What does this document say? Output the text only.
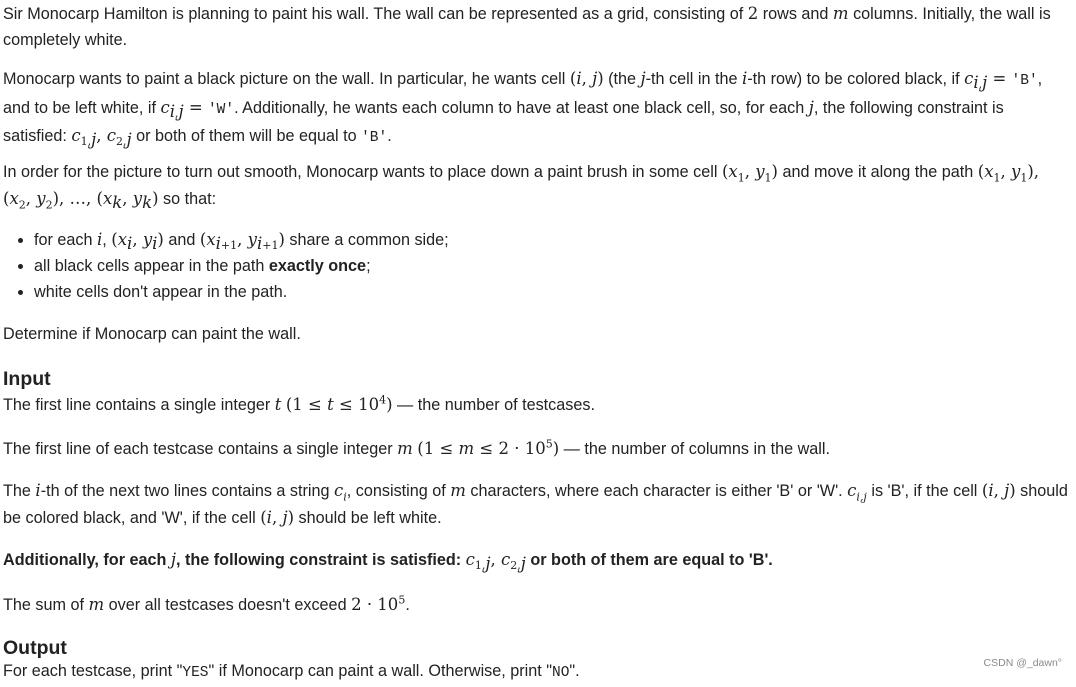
Sir Monocarp Hamilton is planning to paint his wall. The wall can be represented as a grid, consisting of 2 rows and m columns. Initially, the wall is completely white.

Monocarp wants to paint a black picture on the wall. In particular, he wants cell (i, j) (the j-th cell in the i-th row) to be colored black, if $c_{i,j}$ = 'B', and to be left white, if $c_{i,j}$ = 'W'. Additionally, he wants each column to have at least one black cell, so, for each j, the following constraint is satisfied: $c_{1,j}$, $c_{2,j}$ or both of them will be equal to 'B'.

In order for the picture to turn out smooth, Monocarp wants to place down a paint brush in some cell ($x_1$, $y_1$) and move it along the path ($x_1$, $y_1$), ($x_2$, $y_2$), …, ($x_k$, $y_k$) so that:

• for each i, ($x_i$, $y_i$) and ($x_{i+1}$, $y_{i+1}$) share a common side;
• all black cells appear in the path exactly once;
• white cells don't appear in the path.

Determine if Monocarp can paint the wall.

Input

The first line contains a single integer t $(1 \le t \le 10^4)$ — the number of testcases.

The first line of each testcase contains a single integer m $(1 \le m \le 2 \cdot 10^5)$ — the number of columns in the wall.

The i-th of the next two lines contains a string $c_i$, consisting of m characters, where each character is either 'B' or 'W'. $c_{i,j}$ is 'B', if the cell (i, j) should be colored black, and 'W', if the cell (i, j) should be left white.

Additionally, for each j, the following constraint is satisfied: $c_{1,j}$, $c_{2,j}$ or both of them are equal to 'B'.

The sum of m over all testcases doesn't exceed $2 \cdot 10^5$.

Output

For each testcase, print "YES" if Monocarp can paint a wall. Otherwise, print "NO".	CSDN @_dawn°
